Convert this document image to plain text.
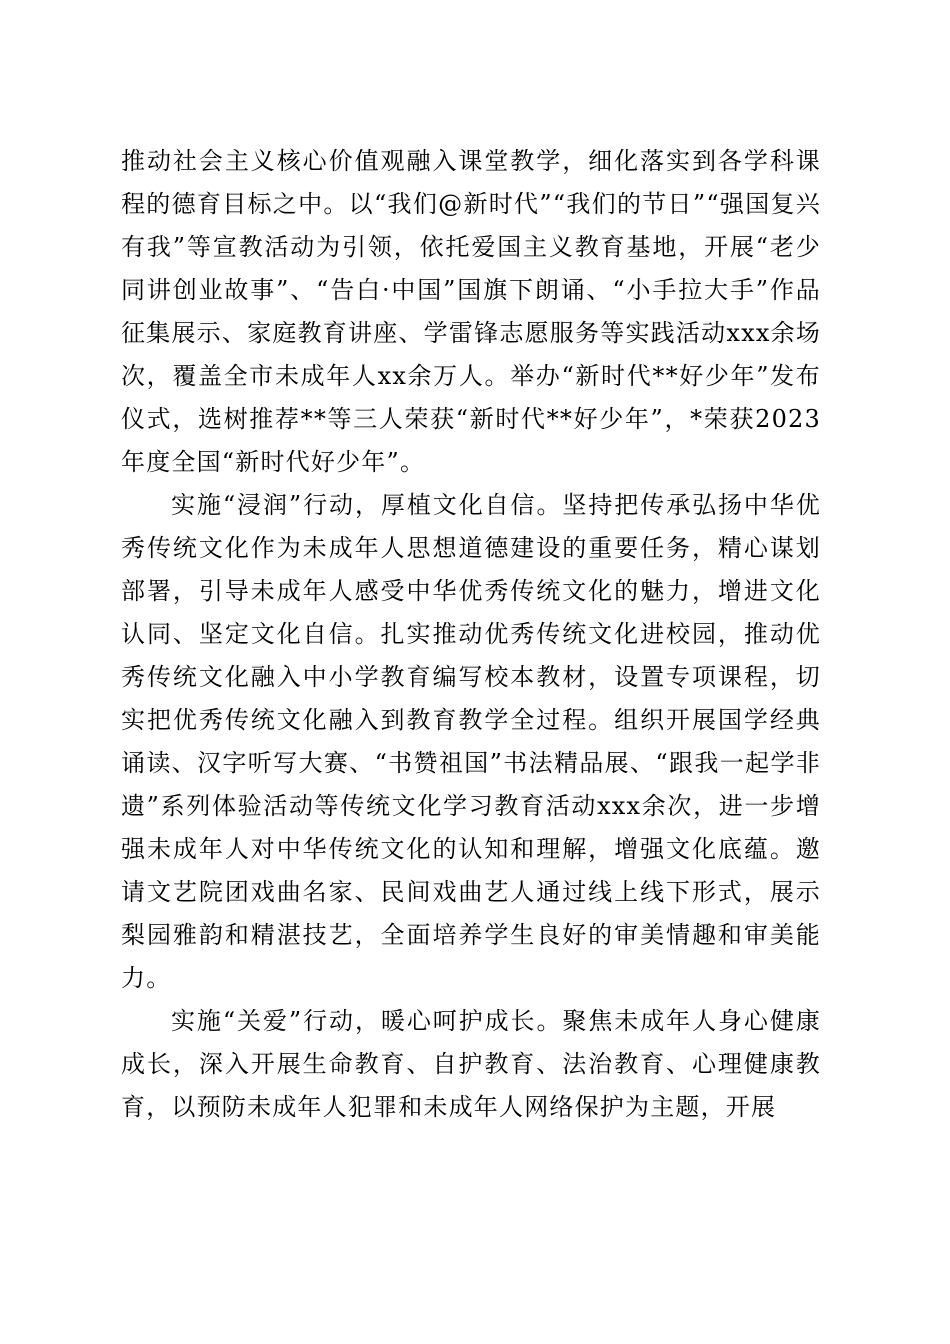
推动社会主义核心价值观融入课堂教学，细化落实到各学科课程的德育目标之中。以“我们@新时代”“我们的节日”“强国复兴有我”等宣教活动为引领，依托爱国主义教育基地，开展“老少同讲创业故事”、“告白·中国”国旗下朗诵、“小手拉大手”作品征集展示、家庭教育讲座、学雷锋志愿服务等实践活动xxx余场次，覆盖全市未成年人xx余万人。举办“新时代**好少年”发布仪式，选树推荐**等三人荣获“新时代**好少年”，*荣获2023年度全国“新时代好少年”。

实施“浸润”行动，厚植文化自信。坚持把传承弘扬中华优秀传统文化作为未成年人思想道德建设的重要任务，精心谋划部署，引导未成年人感受中华优秀传统文化的魅力，增进文化认同、坚定文化自信。扎实推动优秀传统文化进校园，推动优秀传统文化融入中小学教育编写校本教材，设置专项课程，切实把优秀传统文化融入到教育教学全过程。组织开展国学经典诵读、汉字听写大赛、“书赞祖国”书法精品展、“跟我一起学非遗”系列体验活动等传统文化学习教育活动xxx余次，进一步增强未成年人对中华传统文化的认知和理解，增强文化底蕴。邀请文艺院团戏曲名家、民间戏曲艺人通过线上线下形式，展示梨园雅韵和精湛技艺，全面培养学生良好的审美情趣和审美能力。

实施“关爱”行动，暖心呵护成长。聚焦未成年人身心健康成长，深入开展生命教育、自护教育、法治教育、心理健康教育，以预防未成年人犯罪和未成年人网络保护为主题，开展
